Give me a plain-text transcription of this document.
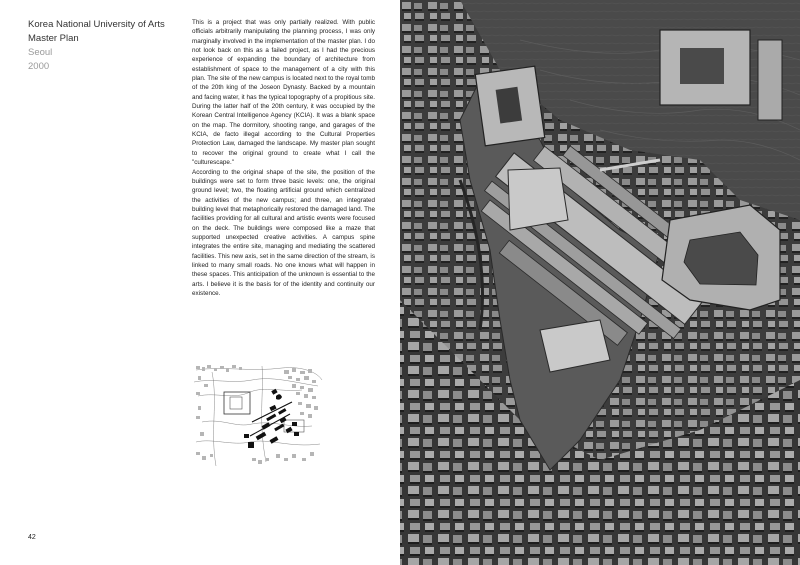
Korea National University of Arts
Master Plan
Seoul
2000

This is a project that was only partially realized. With public officials arbitrarily manipulating the planning process, I was only marginally involved in the implementation of the master plan. I do not look back on this as a failed project, as I had the precious experience of expanding the boundary of architecture from establishment of space to the management of a city with this plan. The site of the new campus is located next to the royal tomb of the 20th king of the Joseon Dynasty. Backed by a mountain and facing water, it has the typical topography of a propitious site. During the latter half of the 20th century, it was occupied by the Korean Central Intelligence Agency (KCIA). It was a blank space on the map. The dormitory, shooting range, and garages of the KCIA, de facto illegal according to the Cultural Properties Protection Law, damaged the landscape. My master plan sought to recover the original ground to create what I call the "culturescape."

According to the original shape of the site, the position of the buildings were set to form three basic levels: one, the original ground level; two, the floating artificial ground which centralized the activities of the new campus; and three, an integrated building level that metaphorically restored the damaged land. The facilities providing for all cultural and artistic events were focused on the deck. The buildings were composed like a maze that supported unexpected creative activities. A campus spine integrates the entire site, managing and mediating the scattered facilities. This new axis, set in the same direction of the stream, is linked to many small roads. No one knows what will happen in these spaces. This anticipation of the unknown is essential to the arts. I believe it is the basis for of the identity and continuity our existence.

42
